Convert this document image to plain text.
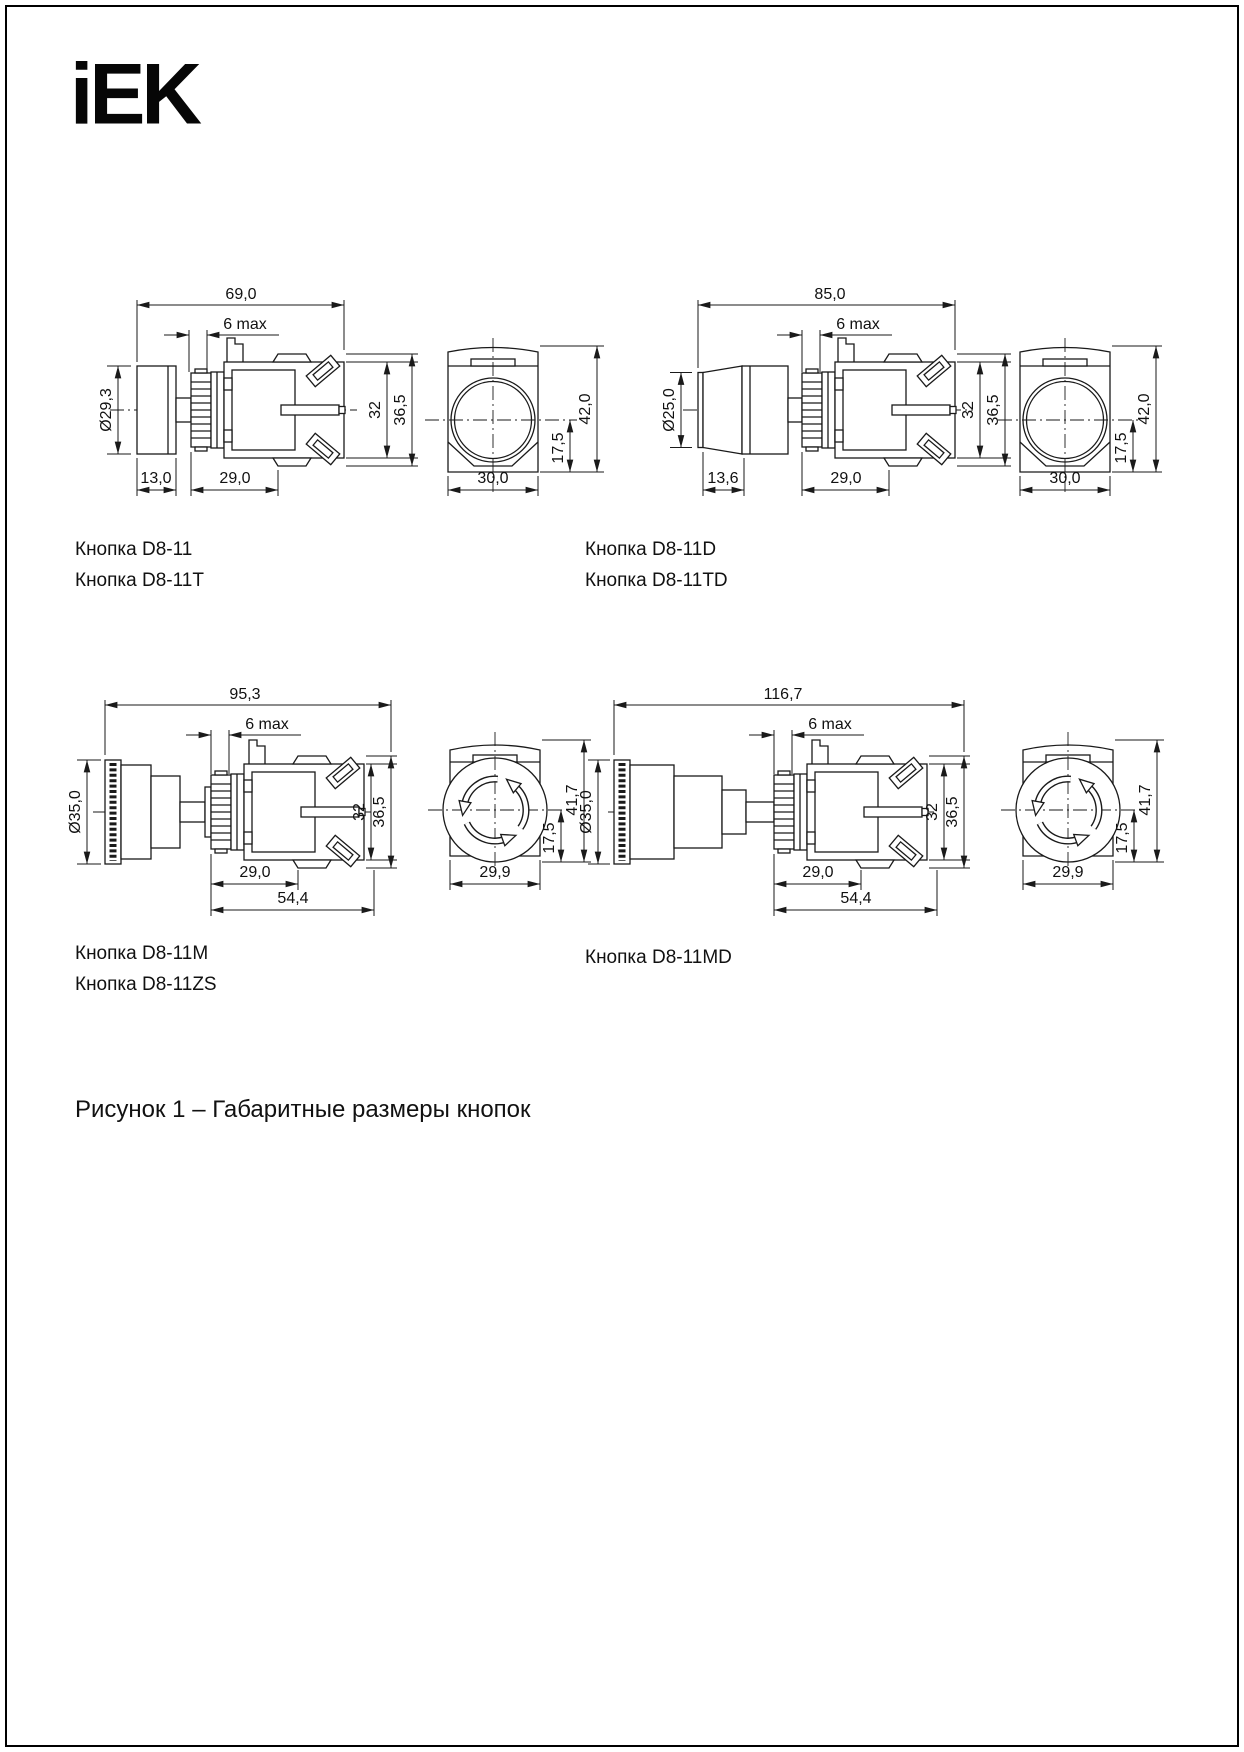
iEK
69,0
6 max
Ø29,3
13,0	29,0
32 36,5
30,0
17,5
42,0
85,0
6 max
Ø25,0
13,6	29,0
32 36,5
30,0
17,5
42,0
95,3
6 max
Ø35,0
29,0
54,4
32 36,5
29,9
17,5
41,7
116,7
6 max
Ø35,0
29,0
54,4
32 36,5
29,9
17,5
41,7
Кнопка D8-11
Кнопка D8-11T
Кнопка D8-11D
Кнопка D8-11TD
Кнопка D8-11M
Кнопка D8-11ZS
Кнопка D8-11MD
Рисунок 1 – Габаритные размеры кнопок
